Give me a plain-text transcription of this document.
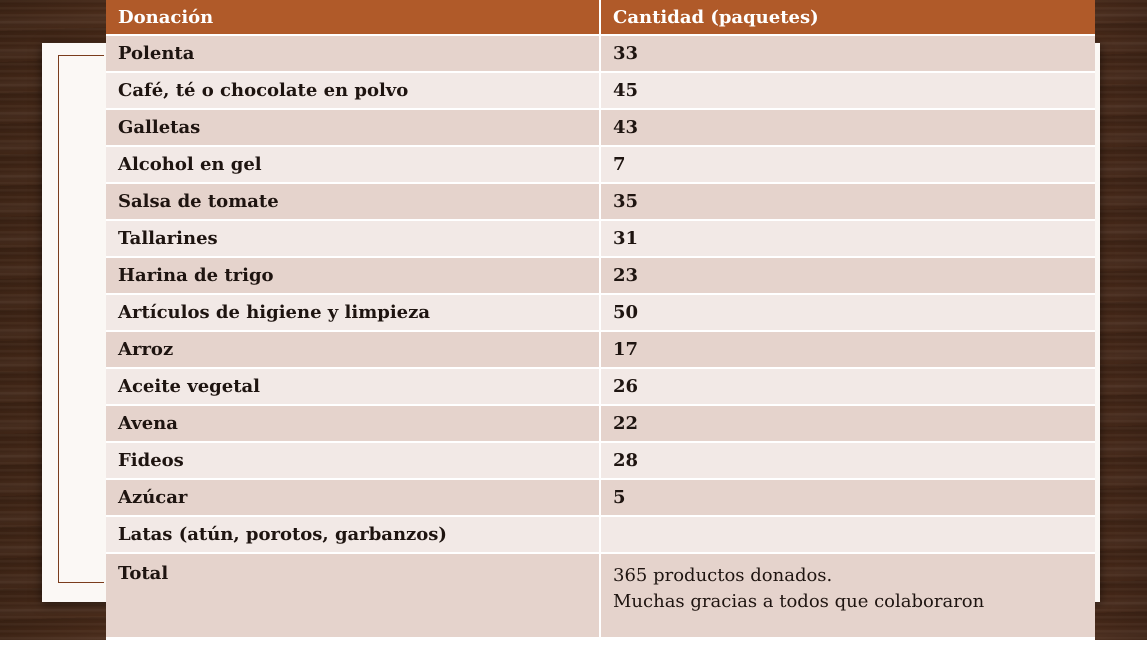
Donación	Cantidad (paquetes)
Polenta	33
Café, té o chocolate en polvo	45
Galletas	43
Alcohol en gel	7
Salsa de tomate	35
Tallarines	31
Harina de trigo	23
Artículos de higiene y limpieza	50
Arroz	17
Aceite vegetal	26
Avena	22
Fideos	28
Azúcar	5
Latas (atún, porotos, garbanzos)
Total	365 productos donados.
Muchas gracias a todos que colaboraron
